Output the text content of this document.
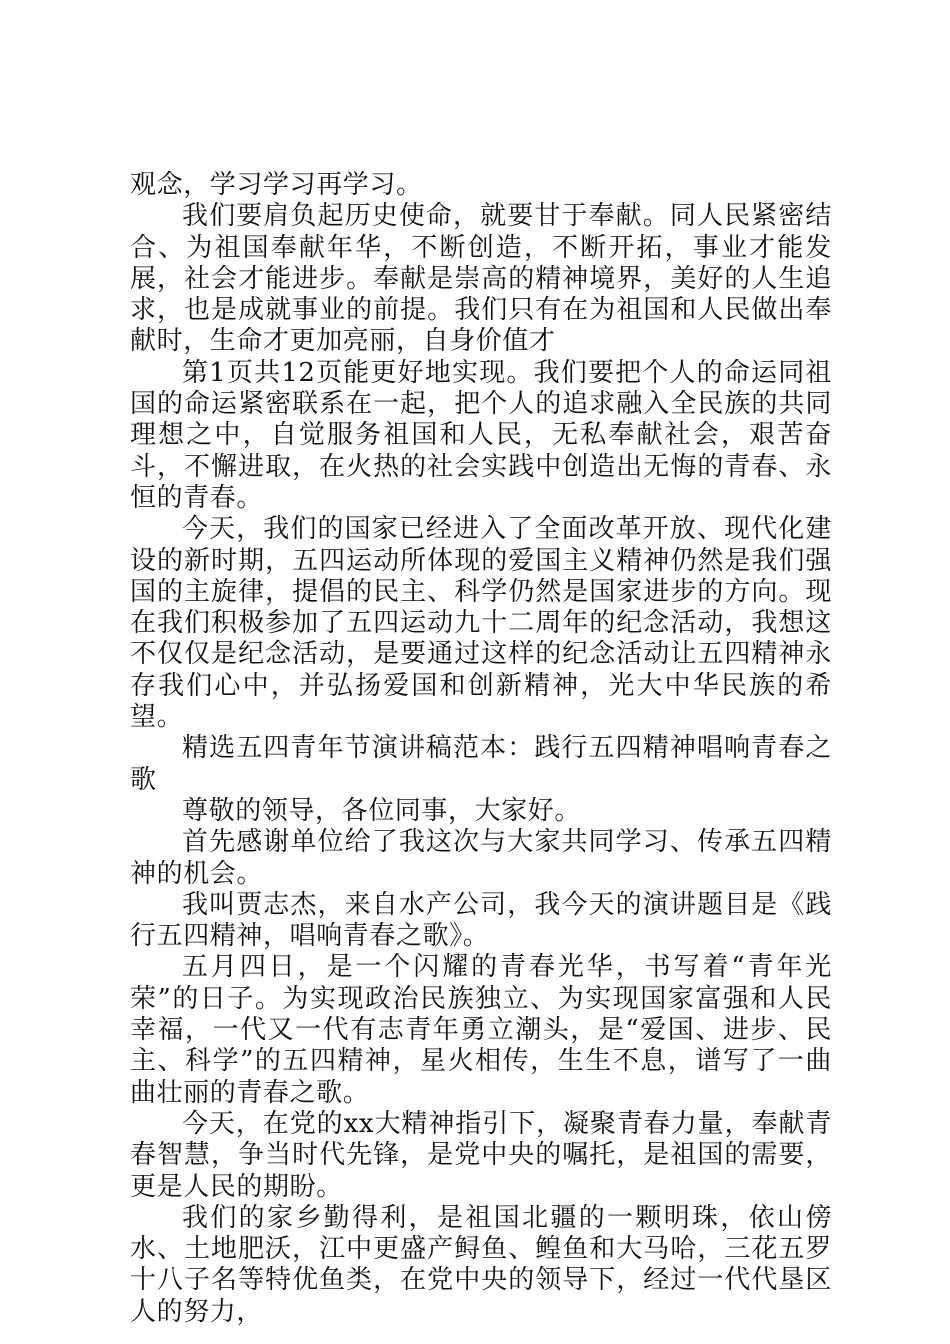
观念，学习学习再学习。

我们要肩负起历史使命，就要甘于奉献。同人民紧密结合、为祖国奉献年华，不断创造，不断开拓，事业才能发展，社会才能进步。奉献是崇高的精神境界，美好的人生追求，也是成就事业的前提。我们只有在为祖国和人民做出奉献时，生命才更加亮丽，自身价值才

第1页共12页能更好地实现。我们要把个人的命运同祖国的命运紧密联系在一起，把个人的追求融入全民族的共同理想之中，自觉服务祖国和人民，无私奉献社会，艰苦奋斗，不懈进取，在火热的社会实践中创造出无悔的青春、永恒的青春。

今天，我们的国家已经进入了全面改革开放、现代化建设的新时期，五四运动所体现的爱国主义精神仍然是我们强国的主旋律，提倡的民主、科学仍然是国家进步的方向。现在我们积极参加了五四运动九十二周年的纪念活动，我想这不仅仅是纪念活动，是要通过这样的纪念活动让五四精神永存我们心中，并弘扬爱国和创新精神，光大中华民族的希望。

精选五四青年节演讲稿范本：践行五四精神唱响青春之歌

尊敬的领导，各位同事，大家好。

首先感谢单位给了我这次与大家共同学习、传承五四精神的机会。

我叫贾志杰，来自水产公司，我今天的演讲题目是《践行五四精神，唱响青春之歌》。

五月四日，是一个闪耀的青春光华，书写着“青年光荣”的日子。为实现政治民族独立、为实现国家富强和人民幸福，一代又一代有志青年勇立潮头，是“爱国、进步、民主、科学”的五四精神，星火相传，生生不息，谱写了一曲曲壮丽的青春之歌。

今天，在党的xx大精神指引下，凝聚青春力量，奉献青春智慧，争当时代先锋，是党中央的嘱托，是祖国的需要，更是人民的期盼。

我们的家乡勤得利，是祖国北疆的一颗明珠，依山傍水、土地肥沃，江中更盛产鲟鱼、鳇鱼和大马哈，三花五罗十八子名等特优鱼类，在党中央的领导下，经过一代代垦区人的努力，
